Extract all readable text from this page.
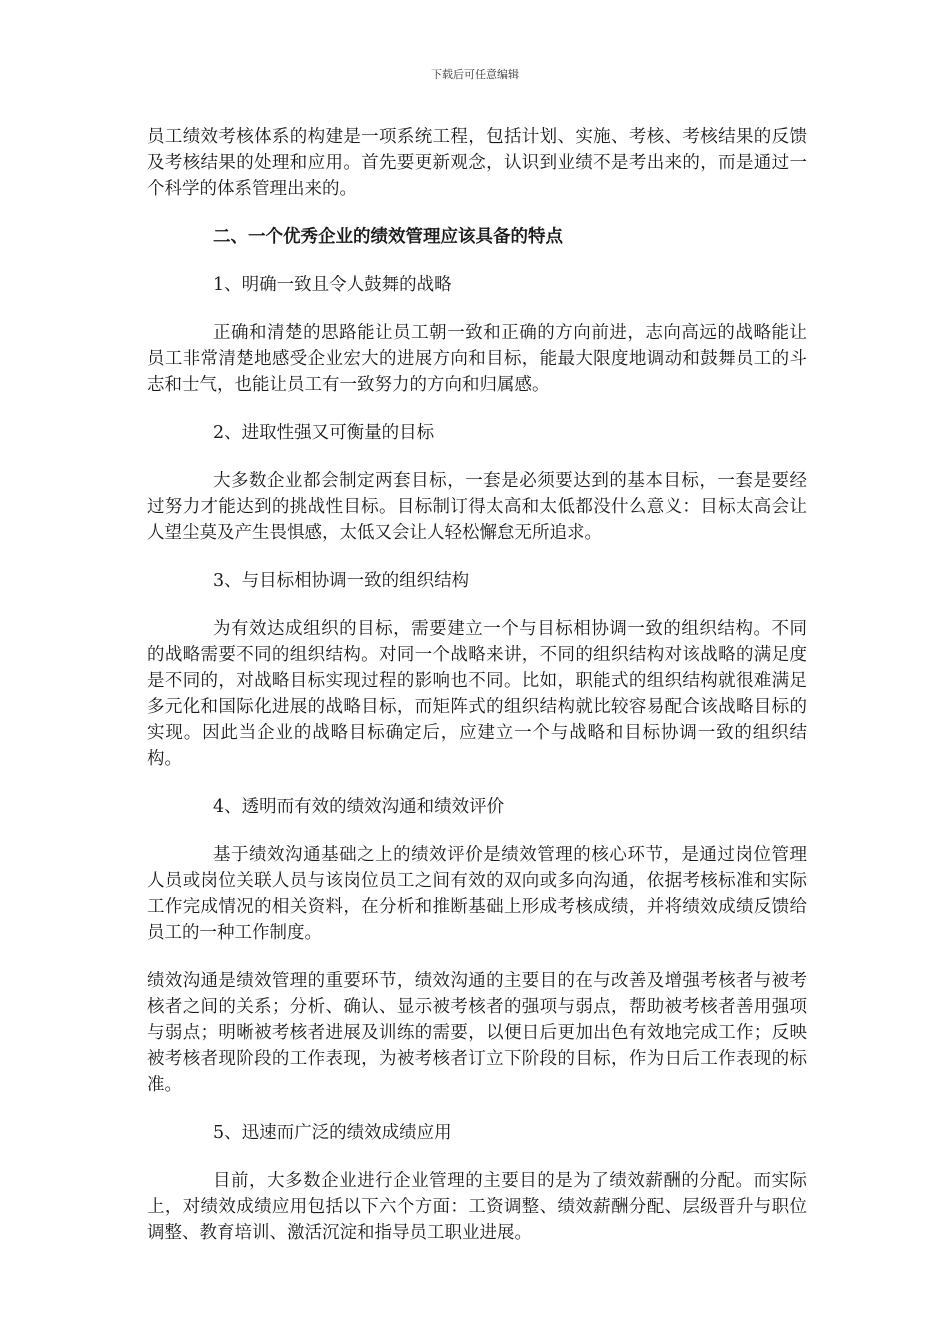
下载后可任意编辑

员工绩效考核体系的构建是一项系统工程，包括计划、实施、考核、考核结果的反馈及考核结果的处理和应用。首先要更新观念，认识到业绩不是考出来的，而是通过一个科学的体系管理出来的。

二、一个优秀企业的绩效管理应该具备的特点

1、明确一致且令人鼓舞的战略

正确和清楚的思路能让员工朝一致和正确的方向前进，志向高远的战略能让员工非常清楚地感受企业宏大的进展方向和目标，能最大限度地调动和鼓舞员工的斗志和士气，也能让员工有一致努力的方向和归属感。

2、进取性强又可衡量的目标

大多数企业都会制定两套目标，一套是必须要达到的基本目标，一套是要经过努力才能达到的挑战性目标。目标制订得太高和太低都没什么意义：目标太高会让人望尘莫及产生畏惧感，太低又会让人轻松懈怠无所追求。

3、与目标相协调一致的组织结构

为有效达成组织的目标，需要建立一个与目标相协调一致的组织结构。不同的战略需要不同的组织结构。对同一个战略来讲，不同的组织结构对该战略的满足度是不同的，对战略目标实现过程的影响也不同。比如，职能式的组织结构就很难满足多元化和国际化进展的战略目标，而矩阵式的组织结构就比较容易配合该战略目标的实现。因此当企业的战略目标确定后，应建立一个与战略和目标协调一致的组织结构。

4、透明而有效的绩效沟通和绩效评价

基于绩效沟通基础之上的绩效评价是绩效管理的核心环节，是通过岗位管理人员或岗位关联人员与该岗位员工之间有效的双向或多向沟通，依据考核标准和实际工作完成情况的相关资料，在分析和推断基础上形成考核成绩，并将绩效成绩反馈给员工的一种工作制度。

绩效沟通是绩效管理的重要环节，绩效沟通的主要目的在与改善及增强考核者与被考核者之间的关系；分析、确认、显示被考核者的强项与弱点，帮助被考核者善用强项与弱点；明晰被考核者进展及训练的需要，以便日后更加出色有效地完成工作；反映被考核者现阶段的工作表现，为被考核者订立下阶段的目标，作为日后工作表现的标准。

5、迅速而广泛的绩效成绩应用

目前，大多数企业进行企业管理的主要目的是为了绩效薪酬的分配。而实际上，对绩效成绩应用包括以下六个方面：工资调整、绩效薪酬分配、层级晋升与职位调整、教育培训、激活沉淀和指导员工职业进展。
